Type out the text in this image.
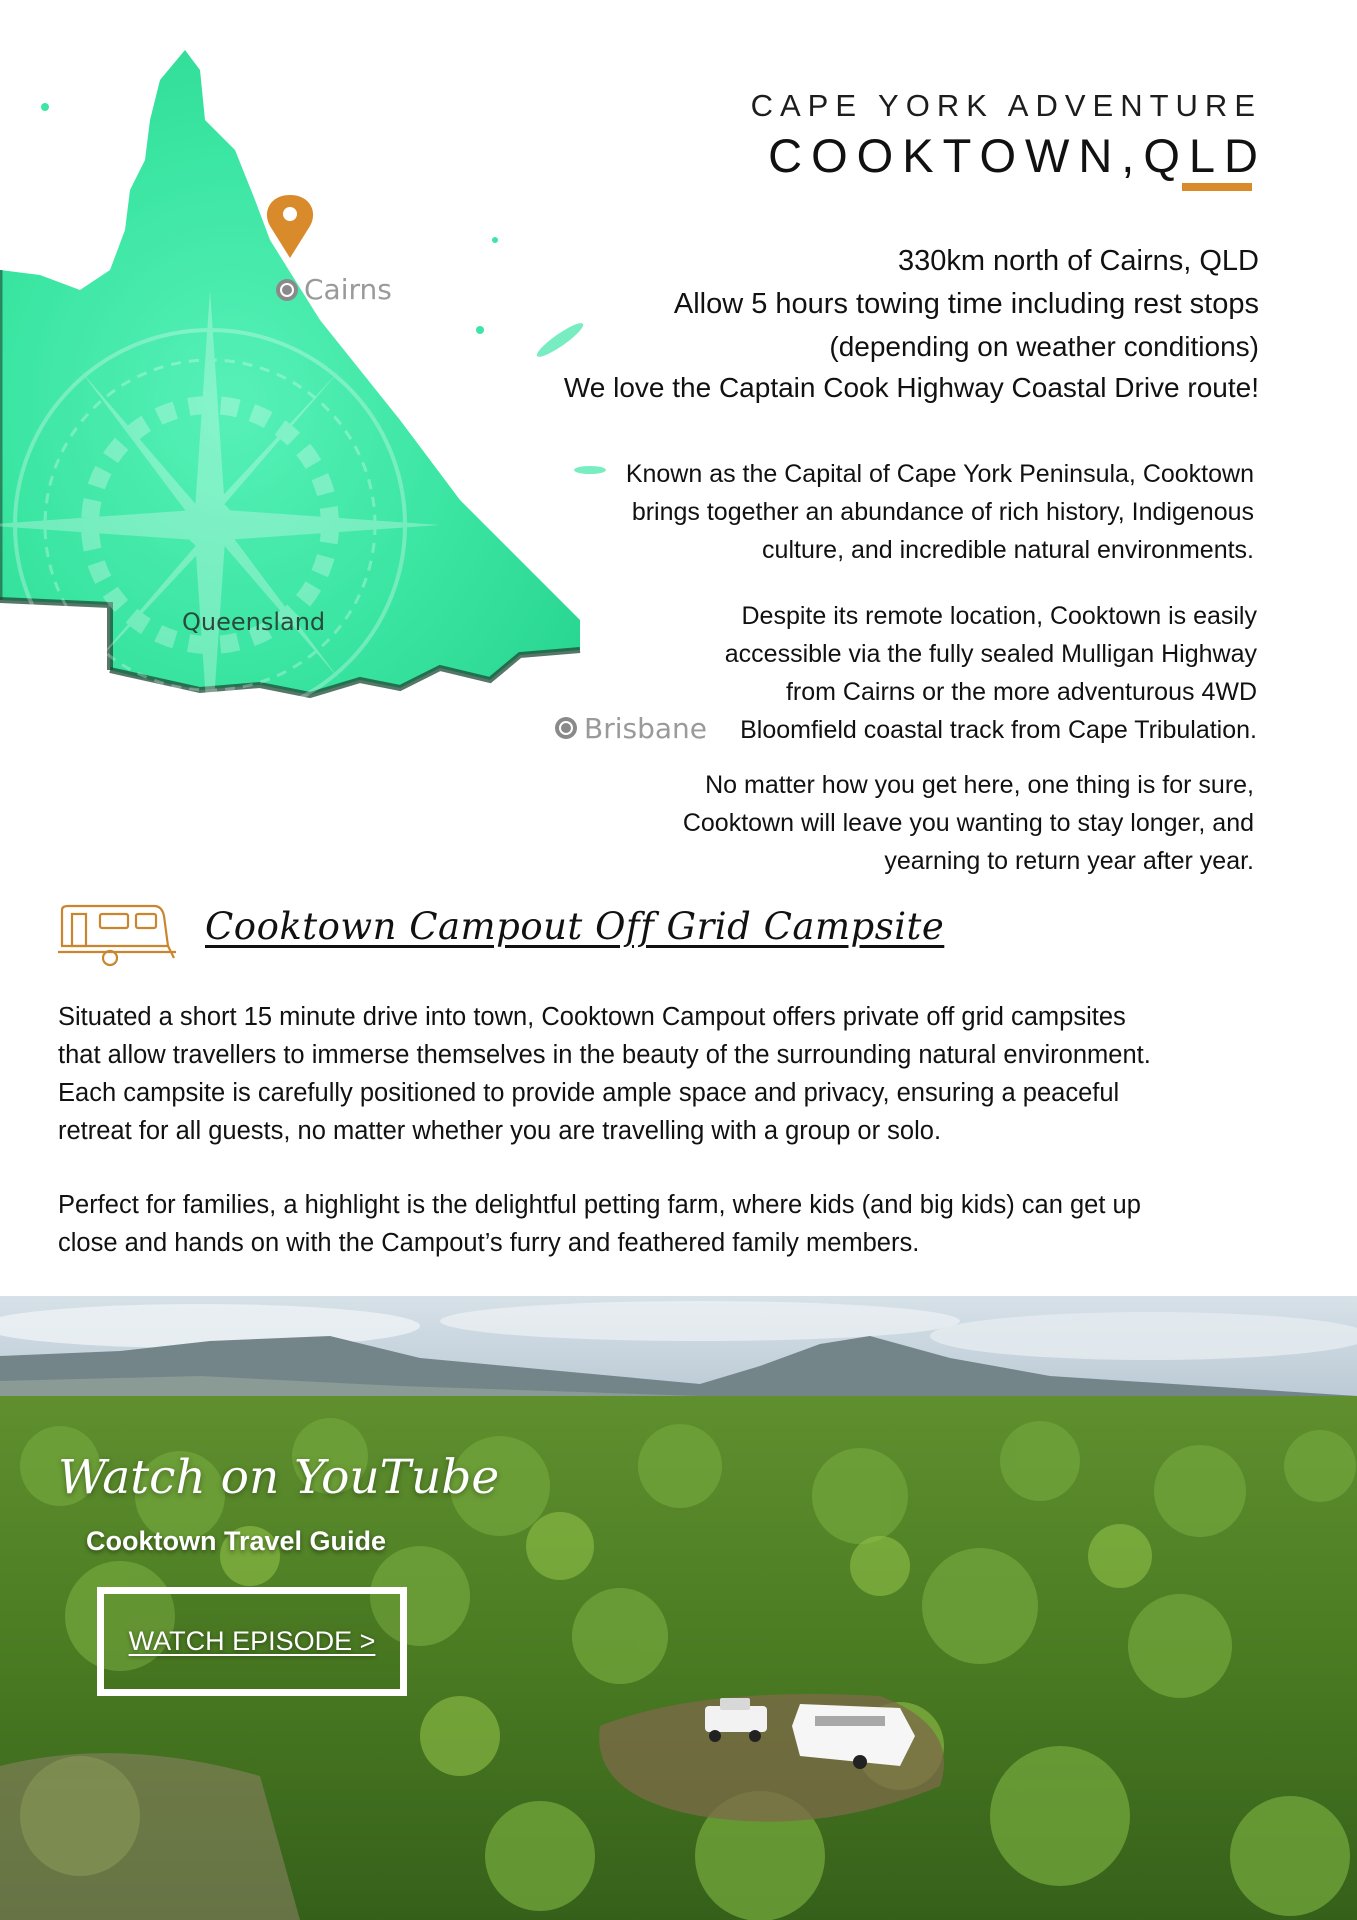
Cairns
Brisbane
Queensland
CAPE YORK ADVENTURE
COOKTOWN,QLD
330km north of Cairns, QLD
Allow 5 hours towing time including rest stops
(depending on weather conditions)
We love the Captain Cook Highway Coastal Drive route!
Known as the Capital of Cape York Peninsula, Cooktown
brings together an abundance of rich history, Indigenous
culture, and incredible natural environments.
Despite its remote location, Cooktown is easily
accessible via the fully sealed Mulligan Highway
from Cairns or the more adventurous 4WD
Bloomfield coastal track from Cape Tribulation.
No matter how you get here, one thing is for sure,
Cooktown will leave you wanting to stay longer, and
yearning to return year after year.
Cooktown Campout Off Grid Campsite
Situated a short 15 minute drive into town, Cooktown Campout offers private off grid campsites
that allow travellers to immerse themselves in the beauty of the surrounding natural environment.
Each campsite is carefully positioned to provide ample space and privacy, ensuring a peaceful
retreat for all guests, no matter whether you are travelling with a group or solo.
Perfect for families, a highlight is the delightful petting farm, where kids (and big kids) can get up
close and hands on with the Campout’s furry and feathered family members.
Watch on YouTube
Cooktown Travel Guide
WATCH EPISODE >
